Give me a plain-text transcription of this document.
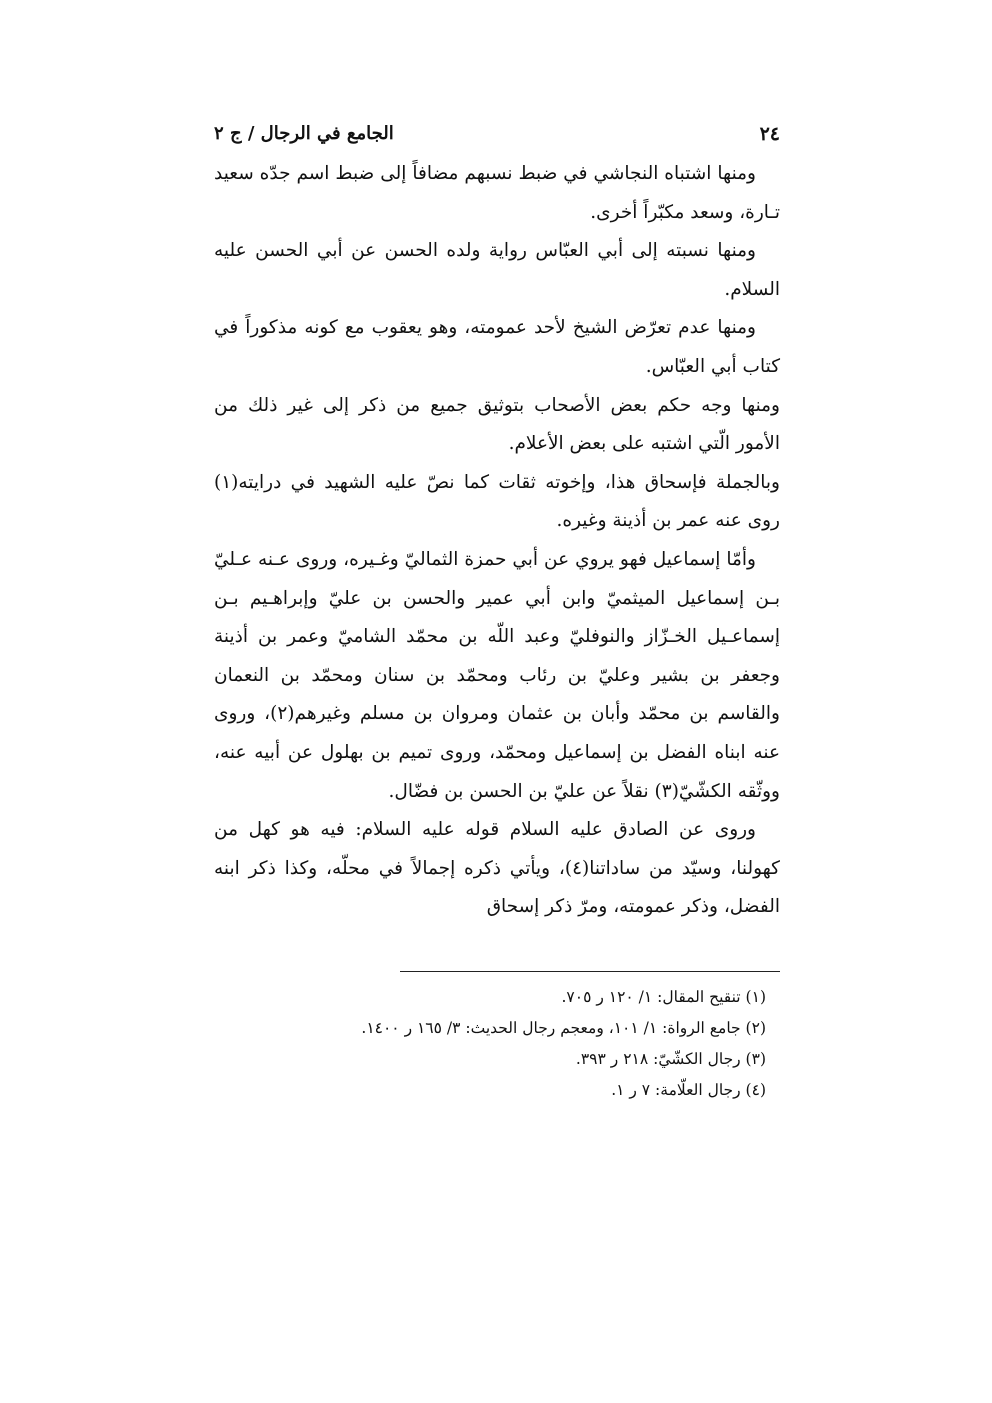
٢٤
الجامع في الرجال / ج ٢

ومنها اشتباه النجاشي في ضبط نسبهم مضافاً إلى ضبط اسم جدّه سعيد تـارة، وسعد مكبّراً أخرى.

ومنها نسبته إلى أبي العبّاس رواية ولده الحسن عن أبي الحسن عليه السلام.

ومنها عدم تعرّض الشيخ لأحد عمومته، وهو يعقوب مع كونه مذكوراً في كتاب أبي العبّاس.

ومنها وجه حكم بعض الأصحاب بتوثيق جميع من ذكر إلى غير ذلك من الأمور الّتي اشتبه على بعض الأعلام.

وبالجملة فإسحاق هذا، وإخوته ثقات كما نصّ عليه الشهيد في درايته(١) روى عنه عمر بن أذينة وغيره.

وأمّا إسماعيل فهو يروي عن أبي حمزة الثماليّ وغـيره، وروى عـنه عـليّ بـن إسماعيل الميثميّ وابن أبي عمير والحسن بن عليّ وإبراهـيم بـن إسماعـيل الخـزّاز والنوفليّ وعبد اللّه بن محمّد الشاميّ وعمر بن أذينة وجعفر بن بشير وعليّ بن رئاب ومحمّد بن سنان ومحمّد بن النعمان والقاسم بن محمّد وأبان بن عثمان ومروان بن مسلم وغيرهم(٢)، وروى عنه ابناه الفضل بن إسماعيل ومحمّد، وروى تميم بن بهلول عن أبيه عنه، ووثّقه الكشّيّ(٣) نقلاً عن عليّ بن الحسن بن فضّال.

وروى عن الصادق عليه السلام قوله عليه السلام: فيه هو كهل من كهولنا، وسيّد من ساداتنا(٤)، ويأتي ذكره إجمالاً في محلّه، وكذا ذكر ابنه الفضل، وذكر عمومته، ومرّ ذكر إسحاق

(١) تنقيح المقال: ١/ ١٢٠ ر ٧٠٥.

(٢) جامع الرواة: ١/ ١٠١، ومعجم رجال الحديث: ٣/ ١٦٥ ر ١٤٠٠.

(٣) رجال الكشّيّ: ٢١٨ ر ٣٩٣.

(٤) رجال العلّامة: ٧ ر ١.
